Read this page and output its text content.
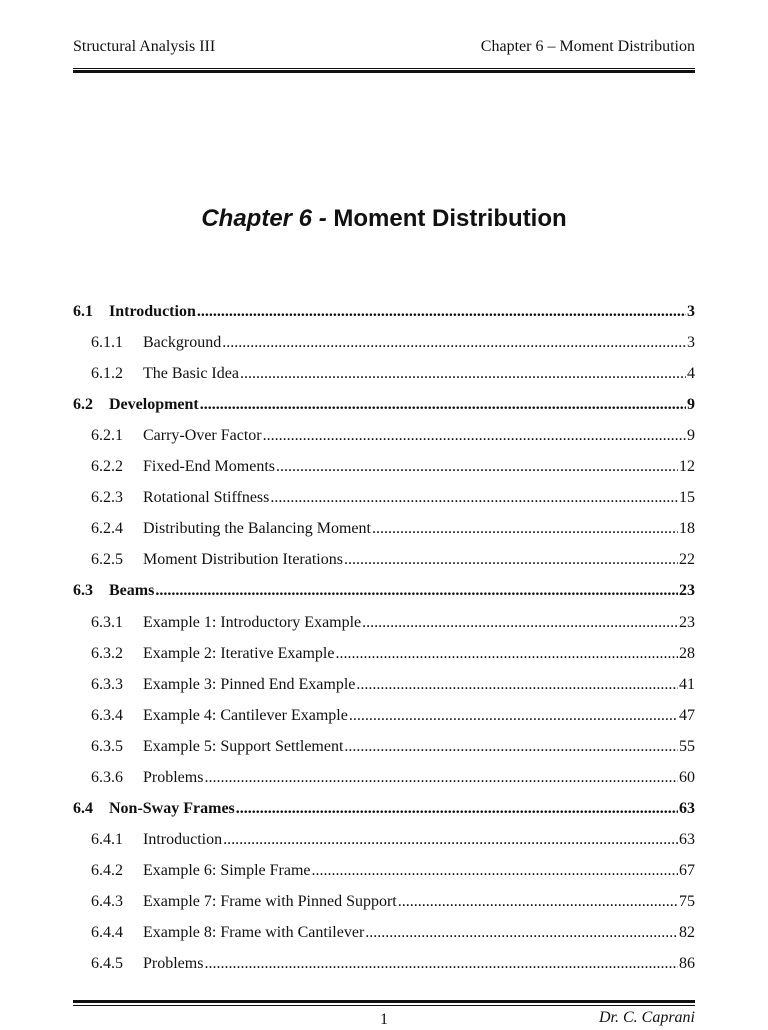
Structural Analysis III	Chapter 6 – Moment Distribution
Chapter 6 - Moment Distribution
6.1	Introduction .....	3
6.1.1	Background .....	3
6.1.2	The Basic Idea .....	4
6.2	Development .....	9
6.2.1	Carry-Over Factor .....	9
6.2.2	Fixed-End Moments .....	12
6.2.3	Rotational Stiffness .....	15
6.2.4	Distributing the Balancing Moment .....	18
6.2.5	Moment Distribution Iterations .....	22
6.3	Beams .....	23
6.3.1	Example 1: Introductory Example .....	23
6.3.2	Example 2: Iterative Example .....	28
6.3.3	Example 3: Pinned End Example .....	41
6.3.4	Example 4: Cantilever Example .....	47
6.3.5	Example 5: Support Settlement .....	55
6.3.6	Problems .....	60
6.4	Non-Sway Frames .....	63
6.4.1	Introduction .....	63
6.4.2	Example 6: Simple Frame .....	67
6.4.3	Example 7: Frame with Pinned Support .....	75
6.4.4	Example 8: Frame with Cantilever .....	82
6.4.5	Problems .....	86
1	Dr. C. Caprani
